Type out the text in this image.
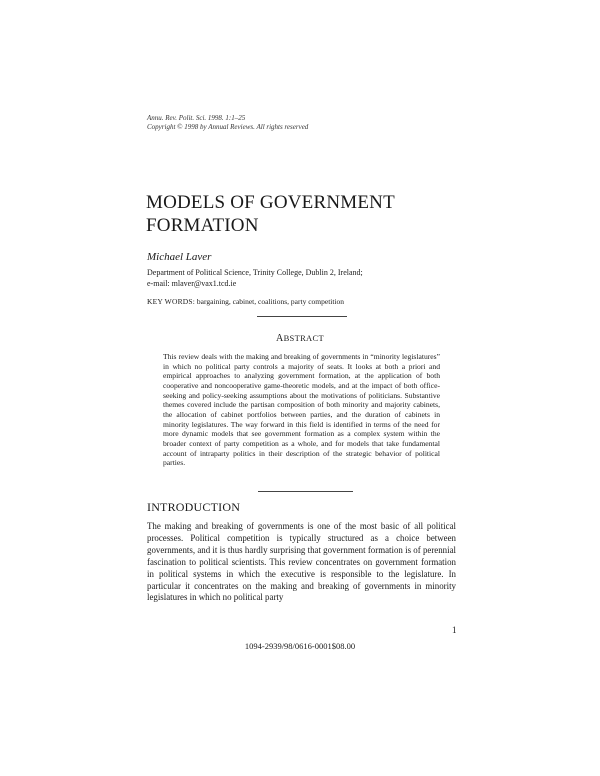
Annu. Rev. Polit. Sci. 1998. 1:1–25
Copyright © 1998 by Annual Reviews. All rights reserved
MODELS OF GOVERNMENT
FORMATION
Michael Laver
Department of Political Science, Trinity College, Dublin 2, Ireland;
e-mail: mlaver@vax1.tcd.ie
KEY WORDS: bargaining, cabinet, coalitions, party competition
ABSTRACT

This review deals with the making and breaking of governments in “minority legislatures” in which no political party controls a majority of seats. It looks at both a priori and empirical approaches to analyzing government formation, at the application of both cooperative and noncooperative game-theoretic models, and at the impact of both office-seeking and policy-seeking assumptions about the motivations of politicians. Substantive themes covered include the partisan composition of both minority and majority cabinets, the allocation of cabinet portfolios between parties, and the duration of cabinets in minority legislatures. The way forward in this field is identified in terms of the need for more dynamic models that see government formation as a complex system within the broader context of party competition as a whole, and for models that take fundamental account of intraparty politics in their description of the strategic behavior of political parties.

INTRODUCTION

The making and breaking of governments is one of the most basic of all political processes. Political competition is typically structured as a choice between governments, and it is thus hardly surprising that government formation is of perennial fascination to political scientists. This review concentrates on government formation in political systems in which the executive is responsible to the legislature. In particular it concentrates on the making and breaking of governments in minority legislatures in which no political party

1
1094-2939/98/0616-0001$08.00
